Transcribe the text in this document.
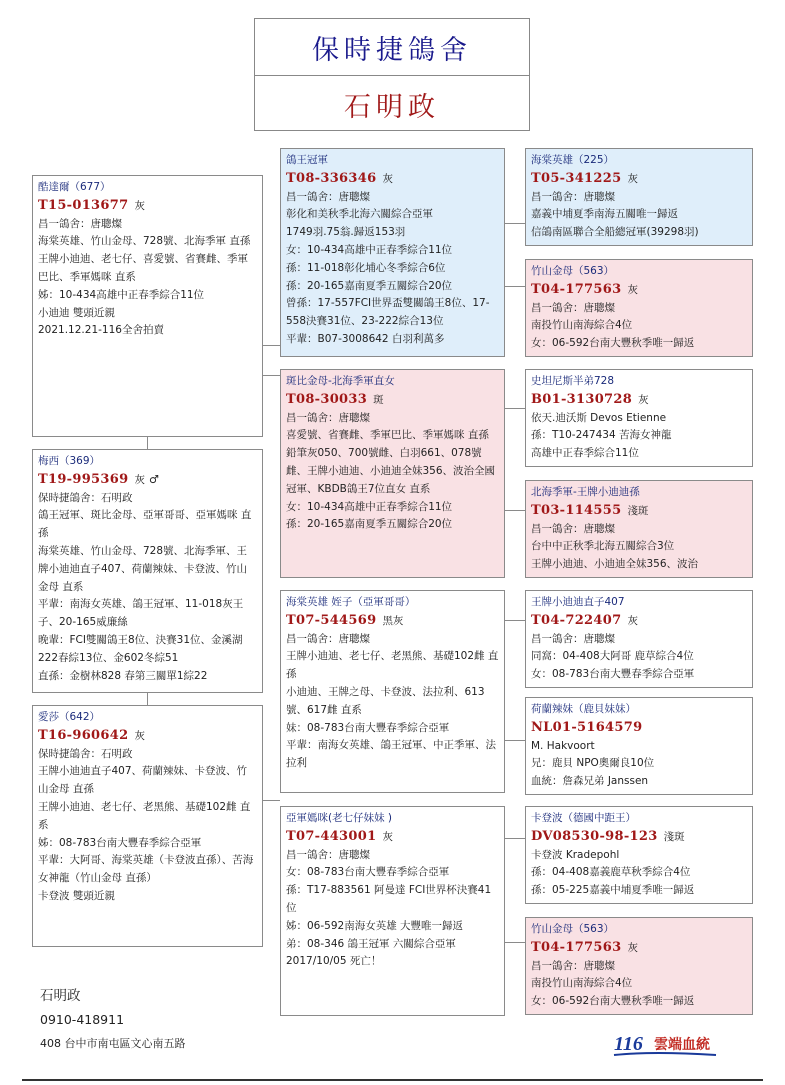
保時捷鴿舍
石明政

酷達爾（677）

T15-013677 灰

昌一鴿舍：唐聰燦

海棠英雄、竹山金母、728號、北海季軍 直孫

王牌小迪迪、老七仔、喜愛號、省賽雌、季軍巴比、季軍媽咪 直系

姊：10-434高雄中正春季綜合11位

小迪迪 雙頭近親

2021.12.21-116全舍拍賣

梅西（369）

T19-995369 灰 ♂

保時捷鴿舍：石明政

鴿王冠軍、斑比金母、亞軍哥哥、亞軍媽咪 直孫

海棠英雄、竹山金母、728號、北海季軍、王牌小迪迪直子407、荷蘭辣妹、卡登波、竹山金母 直系

平輩：南海女英雄、鴿王冠軍、11-018灰王子、20-165威廉絲

晚輩：FCI雙關鴿王8位、決賽31位、金溪湖222春綜13位、金602冬綜51

直孫：金樹林828 春第三關單1綜22

愛莎（642）

T16-960642 灰

保時捷鴿舍：石明政

王牌小迪迪直子407、荷蘭辣妹、卡登波、竹山金母 直孫

王牌小迪迪、老七仔、老黑熊、基礎102雌 直系

姊：08-783台南大豐春季綜合亞軍

平輩：大阿哥、海棠英雄（卡登波直孫）、苦海女神龍（竹山金母 直孫）

卡登波 雙頭近親

鴿王冠軍

T08-336346 灰

昌一鴿舍：唐聰燦

彰化和美秋季北海六關綜合亞軍

1749羽.75翁.歸返153羽

女：10-434高雄中正春季綜合11位

孫：11-018彰化埔心冬季綜合6位

孫：20-165嘉南夏季五關綜合20位

曾孫：17-557FCI世界盃雙關鴿王8位、17-558決賽31位、23-222綜合13位

平輩：B07-3008642 白羽利萬多

斑比金母-北海季軍直女

T08-30033 斑

昌一鴿舍：唐聰燦

喜愛號、省賽雌、季軍巴比、季軍媽咪 直孫

鉛筆灰050、700號雌、白羽661、078號雌、王牌小迪迪、小迪迪全妹356、波治全國冠軍、KBDB鴿王7位直女 直系

女：10-434高雄中正春季綜合11位

孫：20-165嘉南夏季五關綜合20位

海棠英雄 姪子（亞軍哥哥）

T07-544569 黑灰

昌一鴿舍：唐聰燦

王牌小迪迪、老七仔、老黑熊、基礎102雌 直孫

小迪迪、王牌之母、卡登波、法拉利、613號、617雌 直系

妹：08-783台南大豐春季綜合亞軍

平輩：南海女英雄、鴿王冠軍、中正季軍、法拉利

亞軍媽咪(老七仔妹妹 )

T07-443001 灰

昌一鴿舍：唐聰燦

女：08-783台南大豐春季綜合亞軍

孫：T17-883561 阿曼達 FCI世界杯決賽41位

姊：06-592南海女英雄 大豐唯一歸返

弟：08-346 鴿王冠軍 六關綜合亞軍

2017/10/05 死亡！

海棠英雄（225）

T05-341225 灰

昌一鴿舍：唐聰燦

嘉義中埔夏季南海五關唯一歸返

信鴿南區聯合全船總冠軍(39298羽)

竹山金母（563）

T04-177563 灰

昌一鴿舍：唐聰燦

南投竹山南海綜合4位

女：06-592台南大豐秋季唯一歸返

史坦尼斯半弟728

B01-3130728 灰

依天.迪沃斯 Devos Etienne

孫：T10-247434 苦海女神龍

高雄中正春季綜合11位

北海季軍-王牌小迪迪孫

T03-114555 淺斑

昌一鴿舍：唐聰燦

台中中正秋季北海五關綜合3位

王牌小迪迪、小迪迪全妹356、波治

王牌小迪迪直子407

T04-722407 灰

昌一鴿舍：唐聰燦

同窩：04-408大阿哥 鹿草綜合4位

女：08-783台南大豐春季綜合亞軍

荷蘭辣妹（鹿貝妹妹）

NL01-5164579

M. Hakvoort

兄：鹿貝 NPO奧爾良10位

血統：詹森兄弟 Janssen

卡登波（德國中距王）

DV08530-98-123 淺斑

卡登波 Kradepohl

孫：04-408嘉義鹿草秋季綜合4位

孫：05-225嘉義中埔夏季唯一歸返

竹山金母（563）

T04-177563 灰

昌一鴿舍：唐聰燦

南投竹山南海綜合4位

女：06-592台南大豐秋季唯一歸返

石明政
0910-418911
408 台中市南屯區文心南五路	116 雲端血統
